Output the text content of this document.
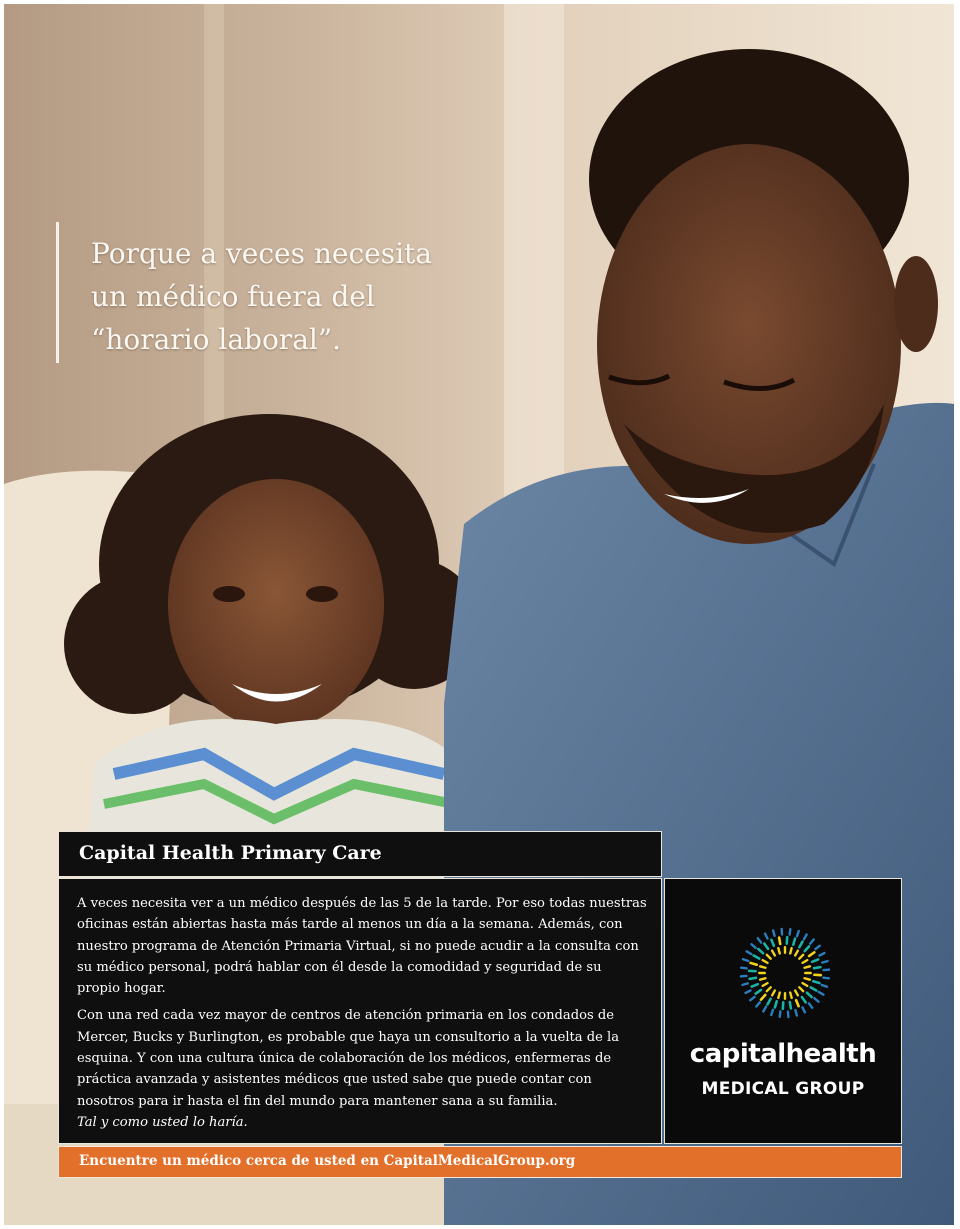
Porque a veces necesita
un médico fuera del
“horario laboral”.
Capital Health Primary Care

A veces necesita ver a un médico después de las 5 de la tarde. Por eso todas nuestras oficinas están abiertas hasta más tarde al menos un día a la semana. Además, con nuestro programa de Atención Primaria Virtual, si no puede acudir a la consulta con su médico personal, podrá hablar con él desde la comodidad y seguridad de su propio hogar.

Con una red cada vez mayor de centros de atención primaria en los condados de Mercer, Bucks y Burlington, es probable que haya un consultorio a la vuelta de la esquina. Y con una cultura única de colaboración de los médicos, enfermeras de práctica avanzada y asistentes médicos que usted sabe que puede contar con nosotros para ir hasta el fin del mundo para mantener sana a su familia.
Tal y como usted lo haría.

capitalhealth
MEDICAL GROUP
Encuentre un médico cerca de usted en CapitalMedicalGroup.org
